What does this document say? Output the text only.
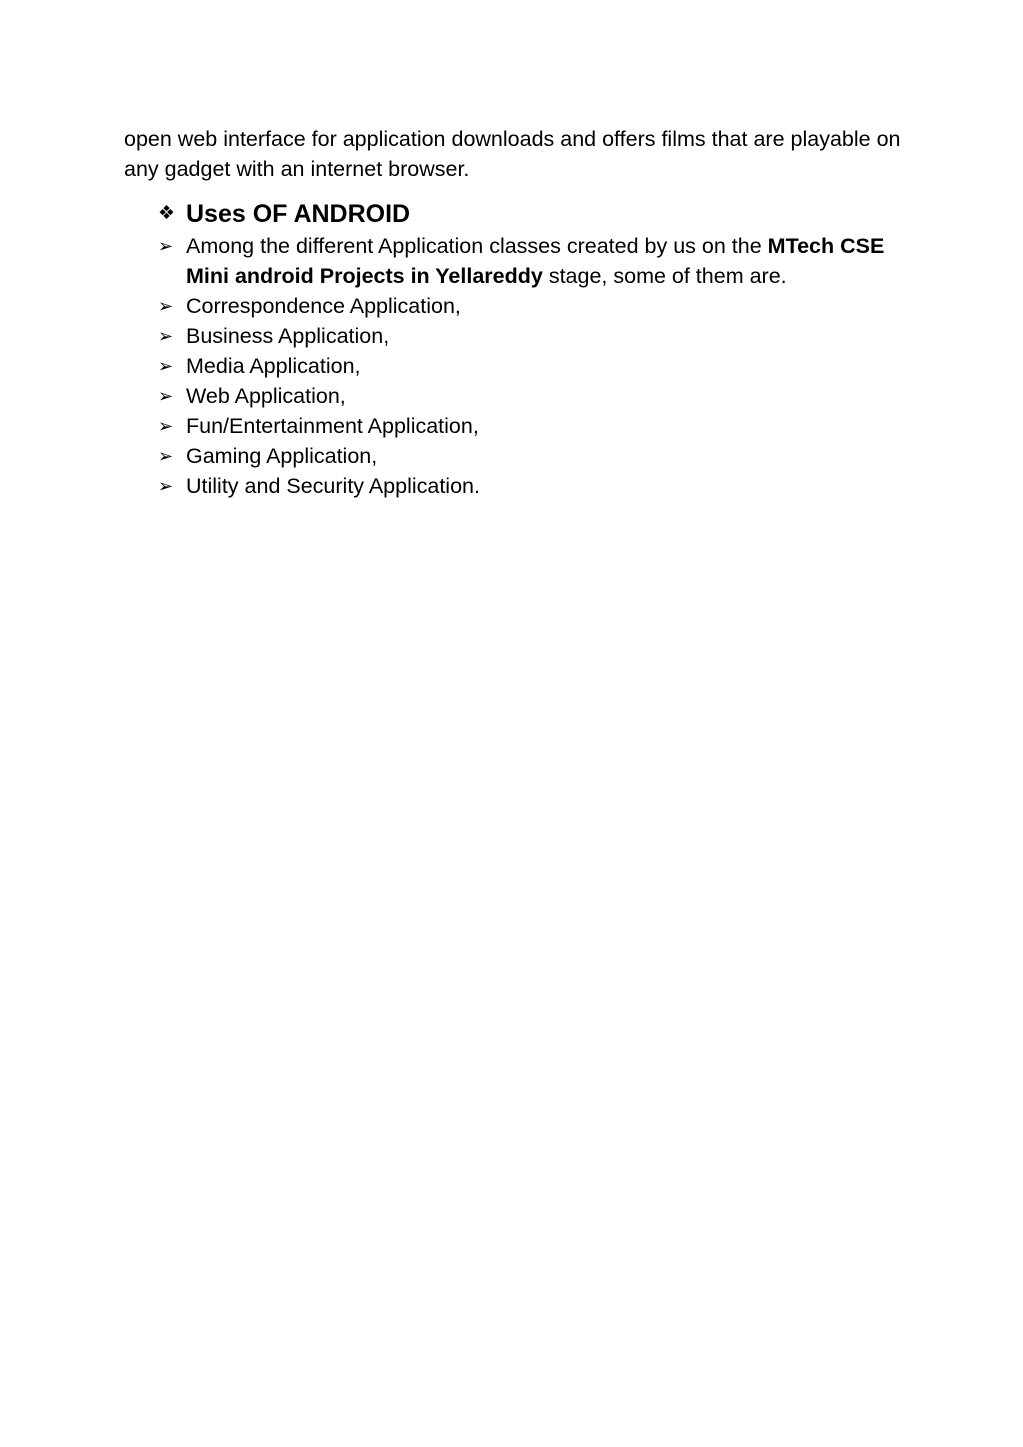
open web interface for application downloads and offers films that are playable on any gadget with an internet browser.

❖ Uses OF ANDROID
➢ Among the different Application classes created by us on the MTech CSE Mini android Projects in Yellareddy stage, some of them are.
➢ Correspondence Application,
➢ Business Application,
➢ Media Application,
➢ Web Application,
➢ Fun/Entertainment Application,
➢ Gaming Application,
➢ Utility and Security Application.
